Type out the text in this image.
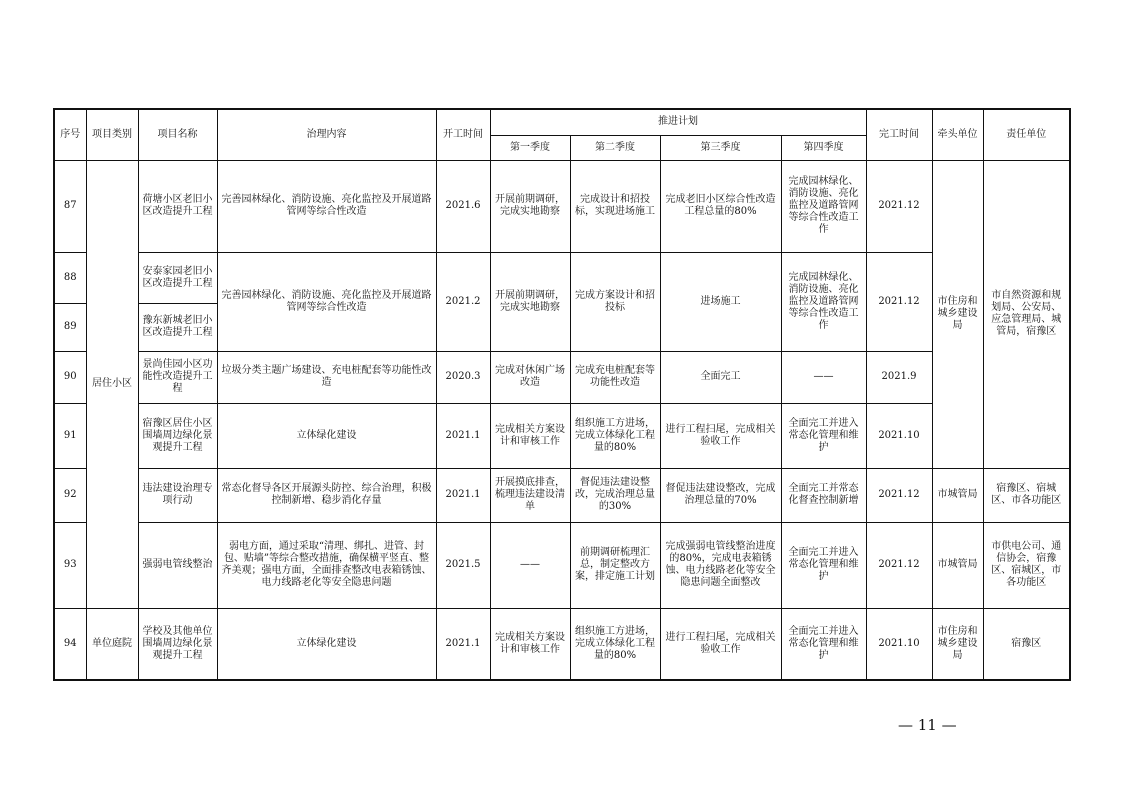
序号	项目类别	项目名称	治理内容	开工时间	推进计划				完工时间	牵头单位	责任单位
					第一季度	第二季度	第三季度	第四季度			
87	居住小区	荷塘小区老旧小区改造提升工程	完善园林绿化、消防设施、亮化监控及开展道路管网等综合性改造	2021.6	开展前期调研，完成实地勘察	完成设计和招投标，实现进场施工	完成老旧小区综合性改造工程总量的80%	完成园林绿化、消防设施、亮化监控及道路管网等综合性改造工作	2021.12	市住房和城乡建设局	市自然资源和规划局、公安局、应急管理局、城管局，宿豫区
88		安泰家园老旧小区改造提升工程	完善园林绿化、消防设施、亮化监控及开展道路管网等综合性改造	2021.2	开展前期调研，完成实地勘察	完成方案设计和招投标	进场施工	完成园林绿化、消防设施、亮化监控及道路管网等综合性改造工作	2021.12		
89		豫东新城老旧小区改造提升工程									
90		景尚佳园小区功能性改造提升工程	垃圾分类主题广场建设、充电桩配套等功能性改造	2020.3	完成对休闲广场改造	完成充电桩配套等功能性改造	全面完工	——	2021.9		
91		宿豫区居住小区围墙周边绿化景观提升工程	立体绿化建设	2021.1	完成相关方案设计和审核工作	组织施工方进场，完成立体绿化工程量的80%	进行工程扫尾，完成相关验收工作	全面完工并进入常态化管理和维护	2021.10		
92		违法建设治理专项行动	常态化督导各区开展源头防控、综合治理，积极控制新增、稳步消化存量	2021.1	开展摸底排查，梳理违法建设清单	督促违法建设整改，完成治理总量的30%	督促违法建设整改，完成治理总量的70%	全面完工并常态化督查控制新增	2021.12	市城管局	宿豫区、宿城区、市各功能区
93		强弱电管线整治	弱电方面，通过采取“清理、绑扎、进管、封包、贴墙”等综合整改措施，确保横平竖直、整齐美观；强电方面，全面排查整改电表箱锈蚀、电力线路老化等安全隐患问题	2021.5	——	前期调研梳理汇总，制定整改方案，排定施工计划	完成强弱电管线整治进度的80%，完成电表箱锈蚀、电力线路老化等安全隐患问题全面整改	全面完工并进入常态化管理和维护	2021.12	市城管局	市供电公司、通信协会，宿豫区、宿城区，市各功能区
94	单位庭院	学校及其他单位围墙周边绿化景观提升工程	立体绿化建设	2021.1	完成相关方案设计和审核工作	组织施工方进场，完成立体绿化工程量的80%	进行工程扫尾，完成相关验收工作	全面完工并进入常态化管理和维护	2021.10	市住房和城乡建设局	宿豫区
— 11 —
